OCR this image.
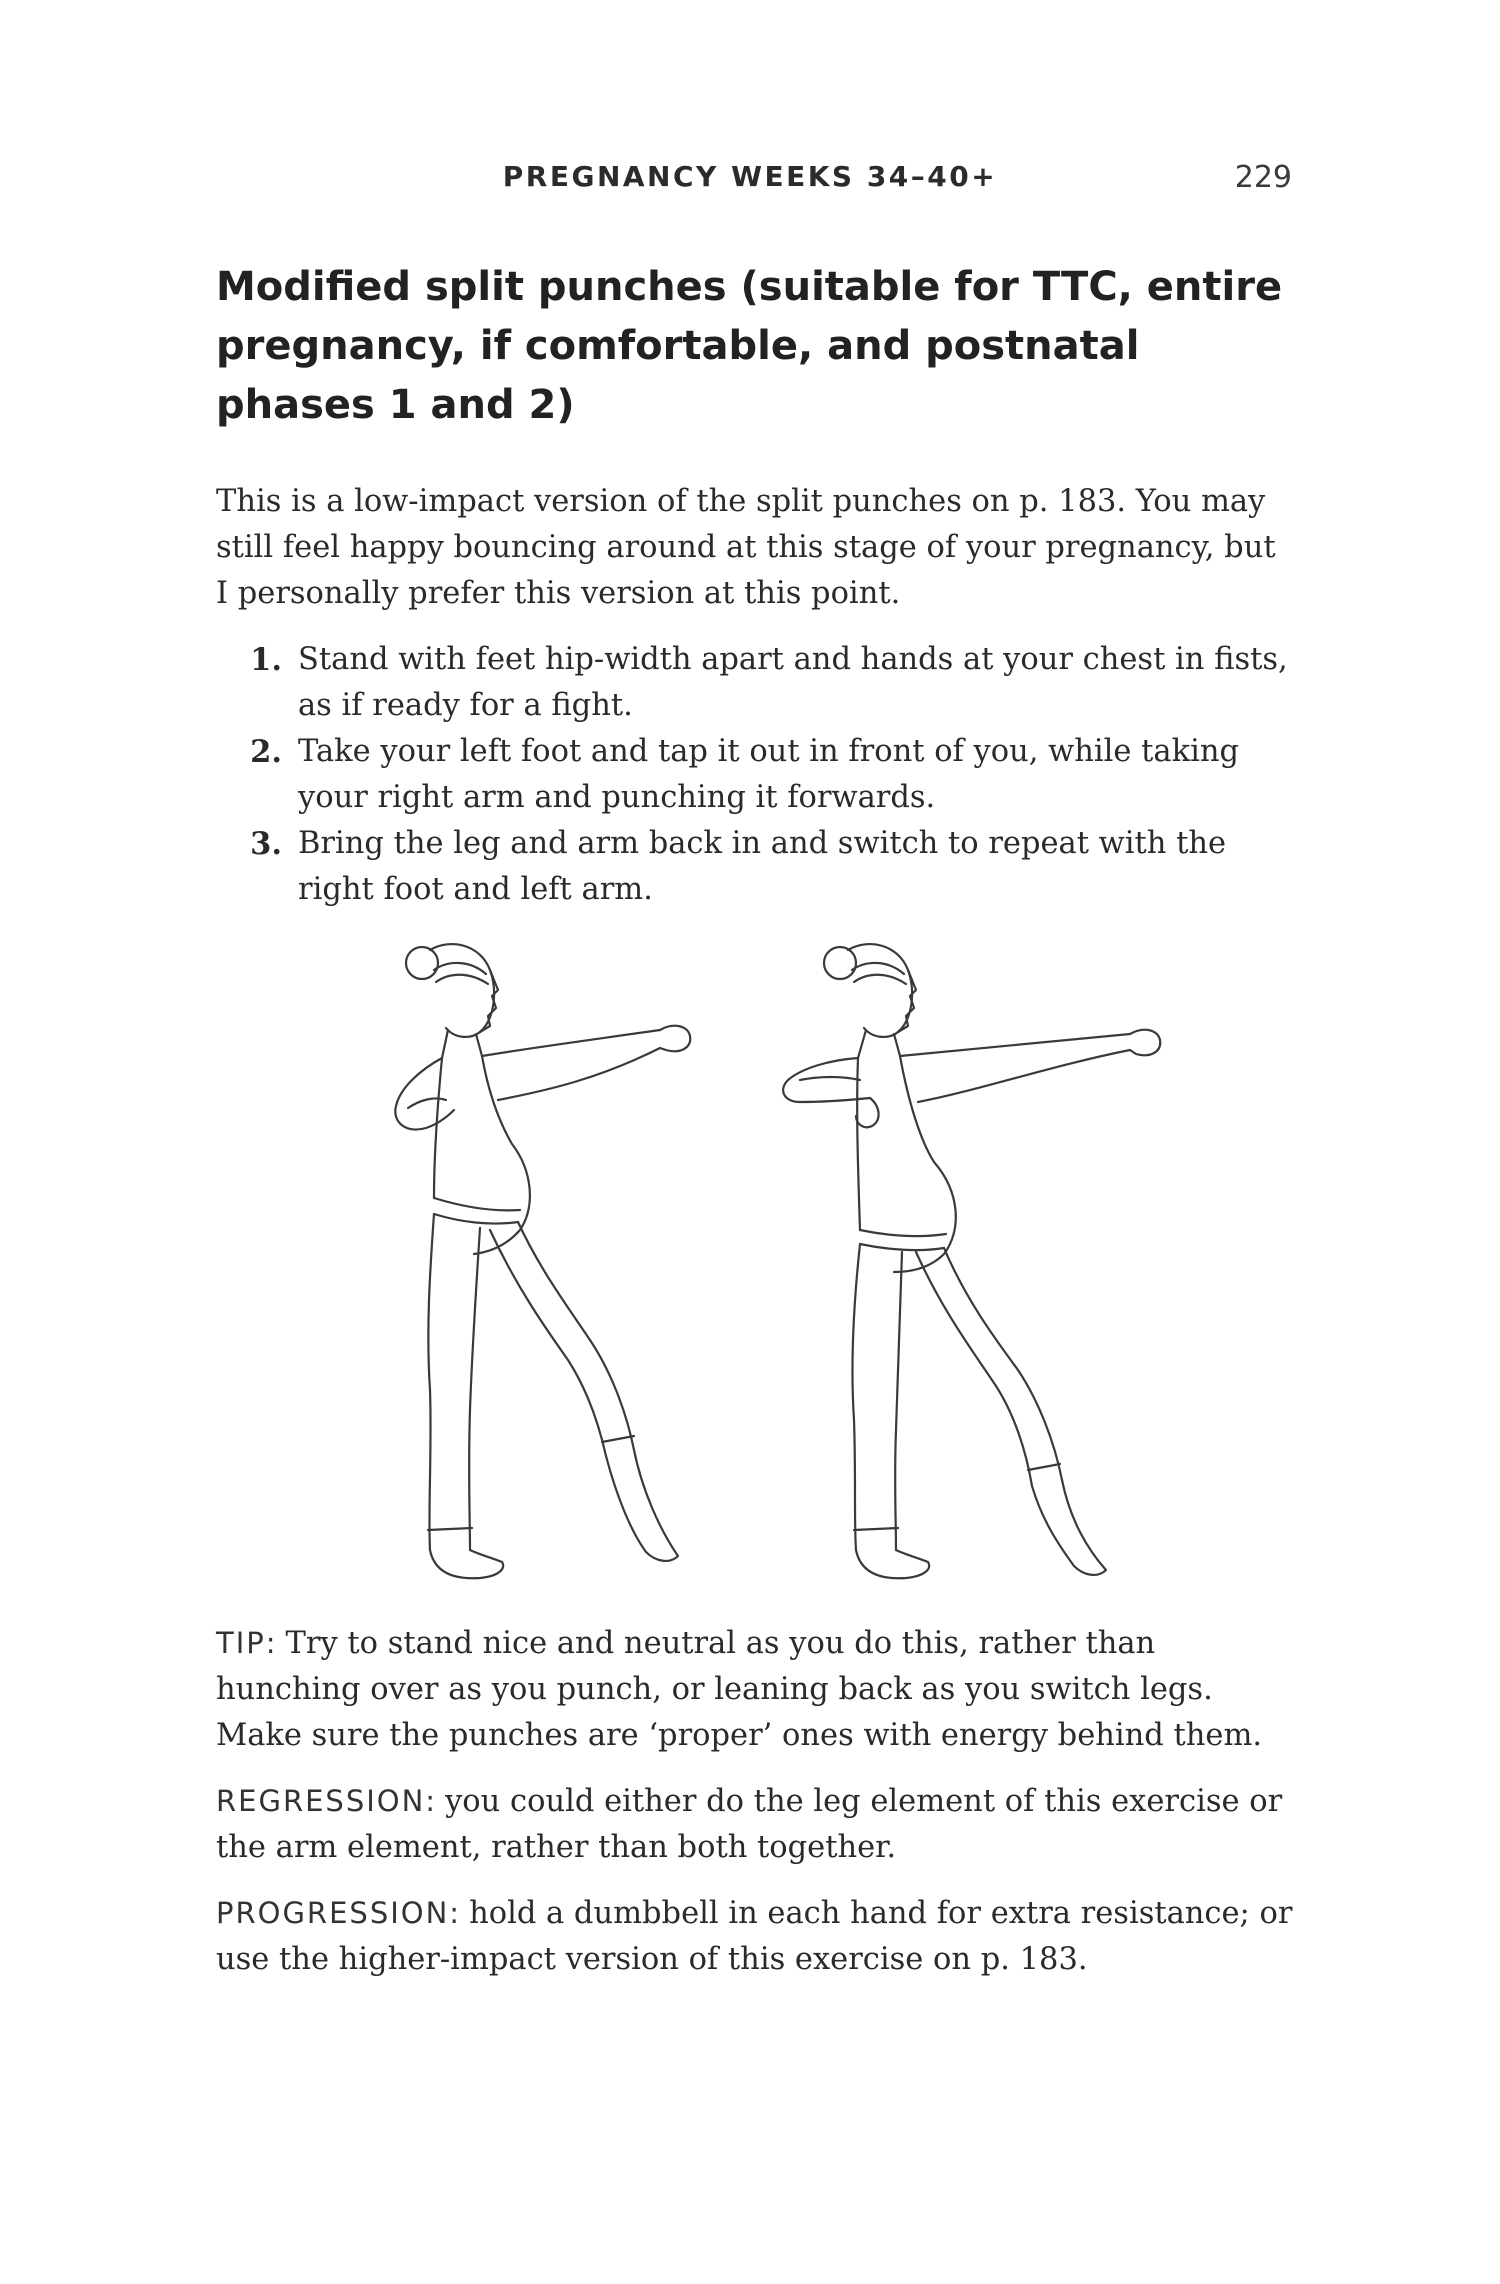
PREGNANCY WEEKS 34–40+	229
Modified split punches (suitable for TTC, entire pregnancy, if comfortable, and postnatal phases 1 and 2)

This is a low-impact version of the split punches on p. 183. You may still feel happy bouncing around at this stage of your pregnancy, but I personally prefer this version at this point.

1. Stand with feet hip-width apart and hands at your chest in fists, as if ready for a fight.
2. Take your left foot and tap it out in front of you, while taking your right arm and punching it forwards.
3. Bring the leg and arm back in and switch to repeat with the right foot and left arm.

TIP: Try to stand nice and neutral as you do this, rather than hunching over as you punch, or leaning back as you switch legs. Make sure the punches are ‘proper’ ones with energy behind them.

REGRESSION: you could either do the leg element of this exercise or the arm element, rather than both together.

PROGRESSION: hold a dumbbell in each hand for extra resistance; or use the higher-impact version of this exercise on p. 183.
